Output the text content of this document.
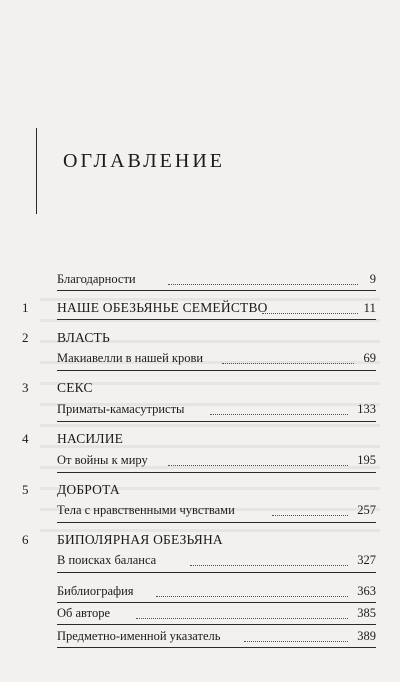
ОГЛАВЛЕНИЕ
Благодарности	9
1	НАШЕ ОБЕЗЬЯНЬЕ СЕМЕЙСТВО	11
2	ВЛАСТЬ
Макиавелли в нашей крови	69
3	СЕКС
Приматы-камасутристы	133
4	НАСИЛИЕ
От войны к миру	195
5	ДОБРОТА
Тела с нравственными чувствами	257
6	БИПОЛЯРНАЯ ОБЕЗЬЯНА
В поисках баланса	327
Библиография	363
Об авторе	385
Предметно-именной указатель	389
